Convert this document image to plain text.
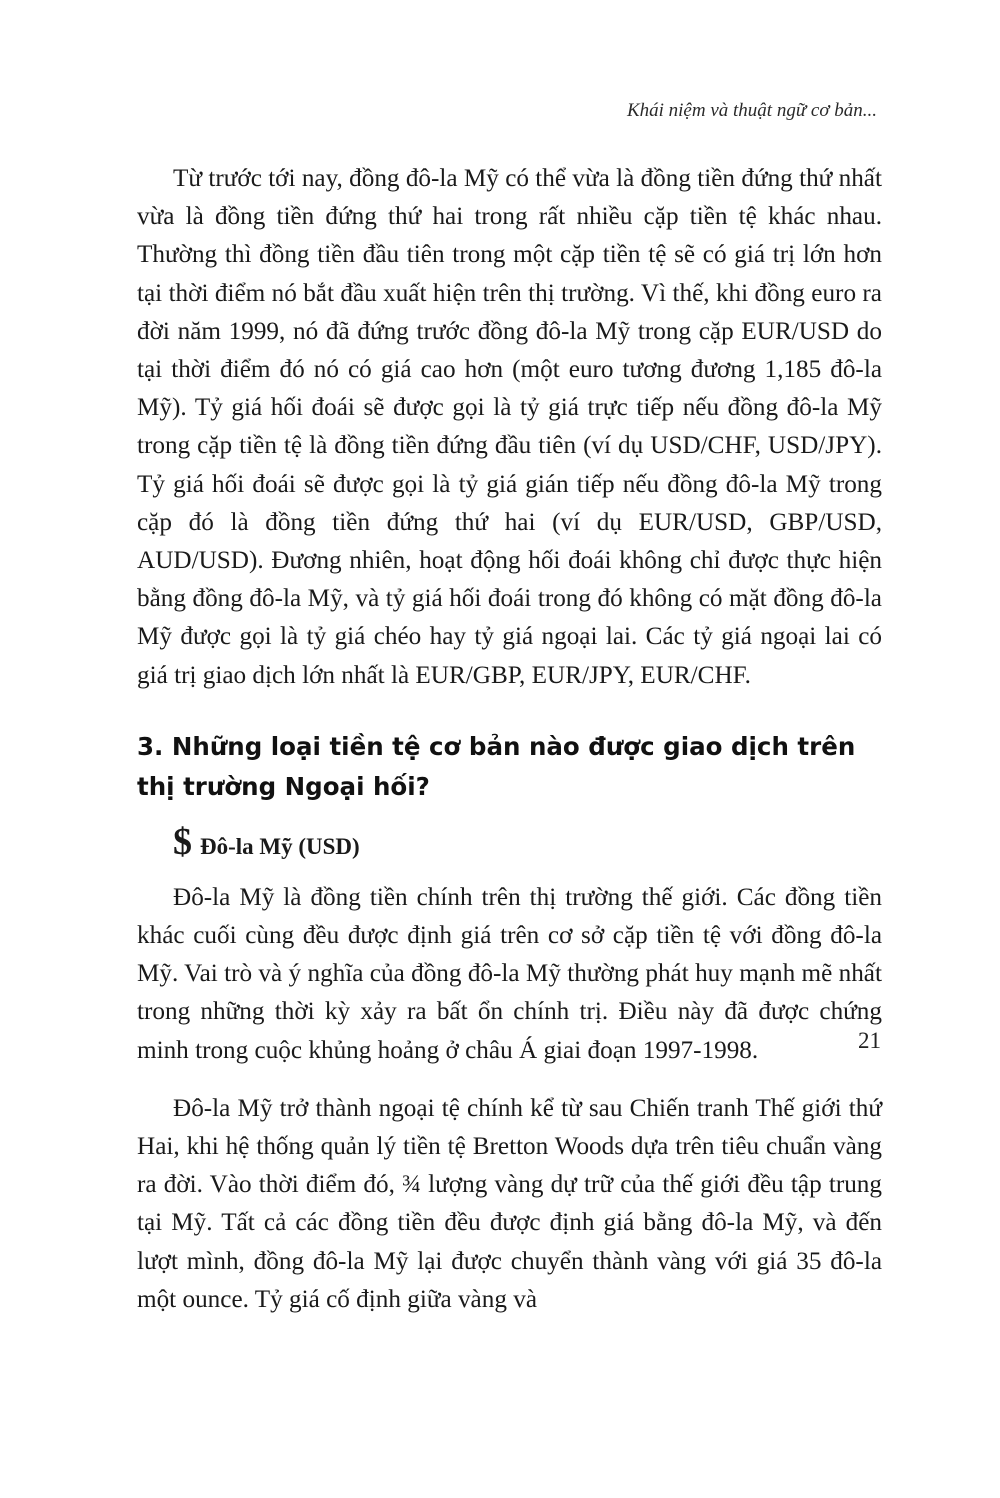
Khái niệm và thuật ngữ cơ bản...

Từ trước tới nay, đồng đô-la Mỹ có thể vừa là đồng tiền đứng thứ nhất vừa là đồng tiền đứng thứ hai trong rất nhiều cặp tiền tệ khác nhau. Thường thì đồng tiền đầu tiên trong một cặp tiền tệ sẽ có giá trị lớn hơn tại thời điểm nó bắt đầu xuất hiện trên thị trường. Vì thế, khi đồng euro ra đời năm 1999, nó đã đứng trước đồng đô-la Mỹ trong cặp EUR/USD do tại thời điểm đó nó có giá cao hơn (một euro tương đương 1,185 đô-la Mỹ). Tỷ giá hối đoái sẽ được gọi là tỷ giá trực tiếp nếu đồng đô-la Mỹ trong cặp tiền tệ là đồng tiền đứng đầu tiên (ví dụ USD/CHF, USD/JPY). Tỷ giá hối đoái sẽ được gọi là tỷ giá gián tiếp nếu đồng đô-la Mỹ trong cặp đó là đồng tiền đứng thứ hai (ví dụ EUR/USD, GBP/USD, AUD/USD). Đương nhiên, hoạt động hối đoái không chỉ được thực hiện bằng đồng đô-la Mỹ, và tỷ giá hối đoái trong đó không có mặt đồng đô-la Mỹ được gọi là tỷ giá chéo hay tỷ giá ngoại lai. Các tỷ giá ngoại lai có giá trị giao dịch lớn nhất là EUR/GBP, EUR/JPY, EUR/CHF.

3. Những loại tiền tệ cơ bản nào được giao dịch trên thị trường Ngoại hối?
$ Đô-la Mỹ (USD)

Đô-la Mỹ là đồng tiền chính trên thị trường thế giới. Các đồng tiền khác cuối cùng đều được định giá trên cơ sở cặp tiền tệ với đồng đô-la Mỹ. Vai trò và ý nghĩa của đồng đô-la Mỹ thường phát huy mạnh mẽ nhất trong những thời kỳ xảy ra bất ổn chính trị. Điều này đã được chứng minh trong cuộc khủng hoảng ở châu Á giai đoạn 1997-1998.

Đô-la Mỹ trở thành ngoại tệ chính kể từ sau Chiến tranh Thế giới thứ Hai, khi hệ thống quản lý tiền tệ Bretton Woods dựa trên tiêu chuẩn vàng ra đời. Vào thời điểm đó, ¾ lượng vàng dự trữ của thế giới đều tập trung tại Mỹ. Tất cả các đồng tiền đều được định giá bằng đô-la Mỹ, và đến lượt mình, đồng đô-la Mỹ lại được chuyển thành vàng với giá 35 đô-la một ounce. Tỷ giá cố định giữa vàng và

21
